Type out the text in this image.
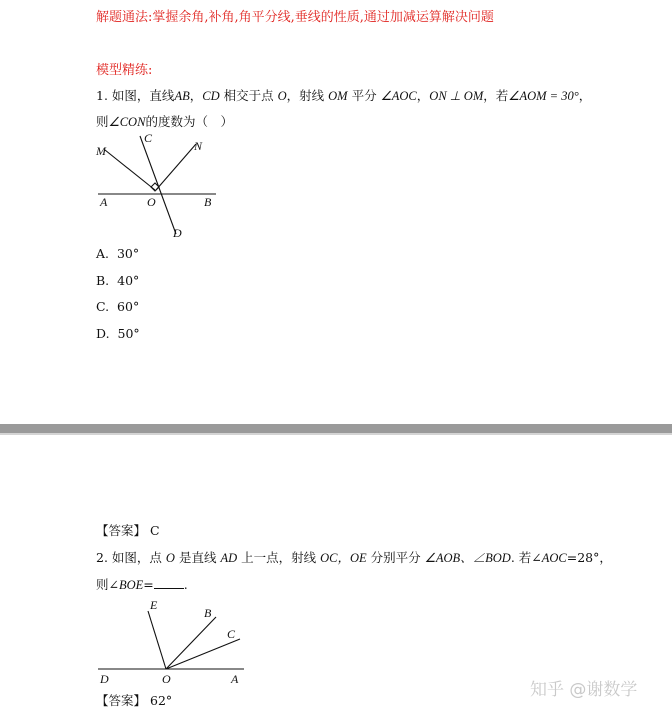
解题通法:掌握余角,补角,角平分线,垂线的性质,通过加减运算解决问题
模型精练:
1. 如图，直线AB，CD 相交于点 O，射线 OM 平分 ∠AOC，ON ⊥ OM，若∠AOM = 30°，
则∠CON的度数为（　）
M
C
N
A	O	B
D
A. 30°
B. 40°
C. 60°
D. 50°
【答案】 C
2. 如图，点 O 是直线 AD 上一点，射线 OC，OE 分别平分 ∠AOB、∠BOD. 若∠AOC=28°，
则∠BOE= .
E
B
C
D	O	A
【答案】 62°
知乎 @谢数学
